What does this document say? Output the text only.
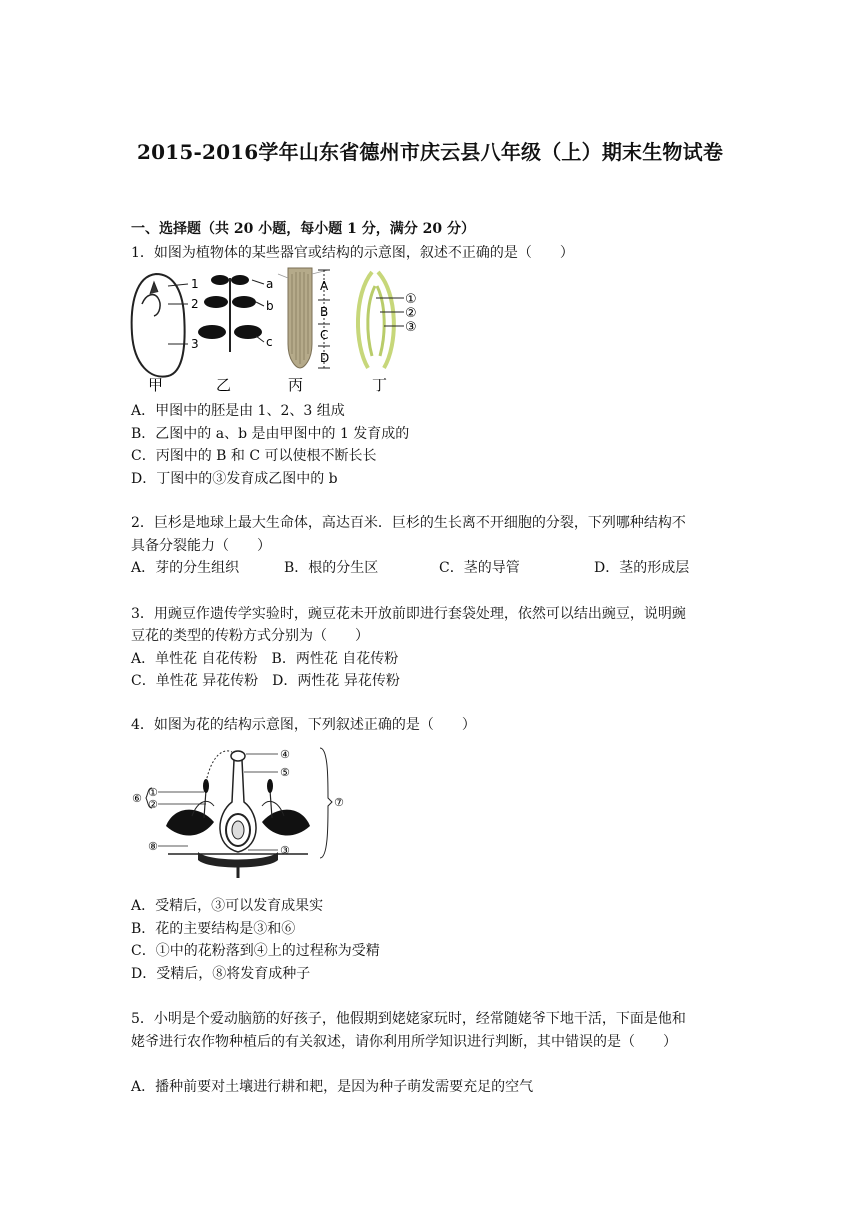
2015-2016学年山东省德州市庆云县八年级（上）期末生物试卷
一、选择题（共 20 小题，每小题 1 分，满分 20 分）
1．如图为植物体的某些器官或结构的示意图，叙述不正确的是（　　）
1
2
3
a
b
c
A
B
C
D
①
②
③
甲	乙	丙	丁
A．甲图中的胚是由 1、2、3 组成
B．乙图中的 a、b 是由甲图中的 1 发育成的
C．丙图中的 B 和 C 可以使根不断长长
D．丁图中的③发育成乙图中的 b
2．巨杉是地球上最大生命体，高达百米．巨杉的生长离不开细胞的分裂，下列哪种结构不
具备分裂能力（　　）
A．芽的分生组织	B．根的分生区	C．茎的导管	D．茎的形成层
3．用豌豆作遗传学实验时，豌豆花未开放前即进行套袋处理，依然可以结出豌豆，说明豌
豆花的类型的传粉方式分别为（　　）
A．单性花 自花传粉　B．两性花 自花传粉
C．单性花 异花传粉　D．两性花 异花传粉
4．如图为花的结构示意图，下列叙述正确的是（　　）
④
⑤
③
⑦
①
②
⑥
⑧
A．受精后，③可以发育成果实
B．花的主要结构是③和⑥
C．①中的花粉落到④上的过程称为受精
D．受精后，⑧将发育成种子
5．小明是个爱动脑筋的好孩子，他假期到姥姥家玩时，经常随姥爷下地干活，下面是他和
姥爷进行农作物种植后的有关叙述，请你利用所学知识进行判断，其中错误的是（　　）
A．播种前要对土壤进行耕和耙，是因为种子萌发需要充足的空气
